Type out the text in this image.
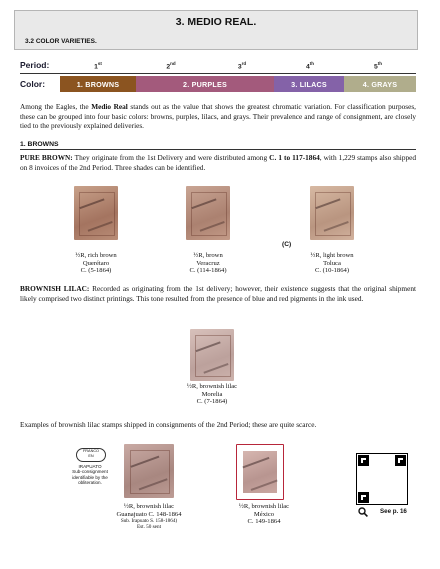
3. MEDIO REAL.
3.2 COLOR VARIETIES.
Period:	1st	2nd	3rd	4th	5th
Color:	1. BROWNS	2. PURPLES	3. LILACS	4. GRAYS
Among the Eagles, the Medio Real stands out as the value that shows the greatest chromatic variation. For classification purposes, these can be grouped into four basic colors: browns, purples, lilacs, and grays. Their prevalence and range of consignment, are closely tied to the previously explained deliveries.
1. BROWNS
PURE BROWN: They originate from the 1st Delivery and were distributed among C. 1 to 117-1864, with 1,229 stamps also shipped on 8 invoices of the 2nd Period. Three shades can be identified.
(C)
½R, rich brown
Querétaro
C. (5-1864)
½R, brown
Veracruz
C. (114-1864)
½R, light brown
Toluca
C. (10-1864)
BROWNISH LILAC: Recorded as originating from the 1st delivery; however, their existence suggests that the original shipment likely comprised two distinct printings. This tone resulted from the presence of blue and red pigments in the ink used.
½R, brownish lilac
Morelia
C. (7-1864)
Examples of brownish lilac stamps shipped in consignments of the 2nd Period; these are quite scarce.
FRANCO
EN
IRAPUATO
Sub-consignment identifiable by the obliteration.
½R, brownish lilac
Guanajuato C. 148-1864
Sub. Irapuato S. 158-1864)
Est. 50 sent
½R, brownish lilac
México
C. 149-1864
See p. 16
